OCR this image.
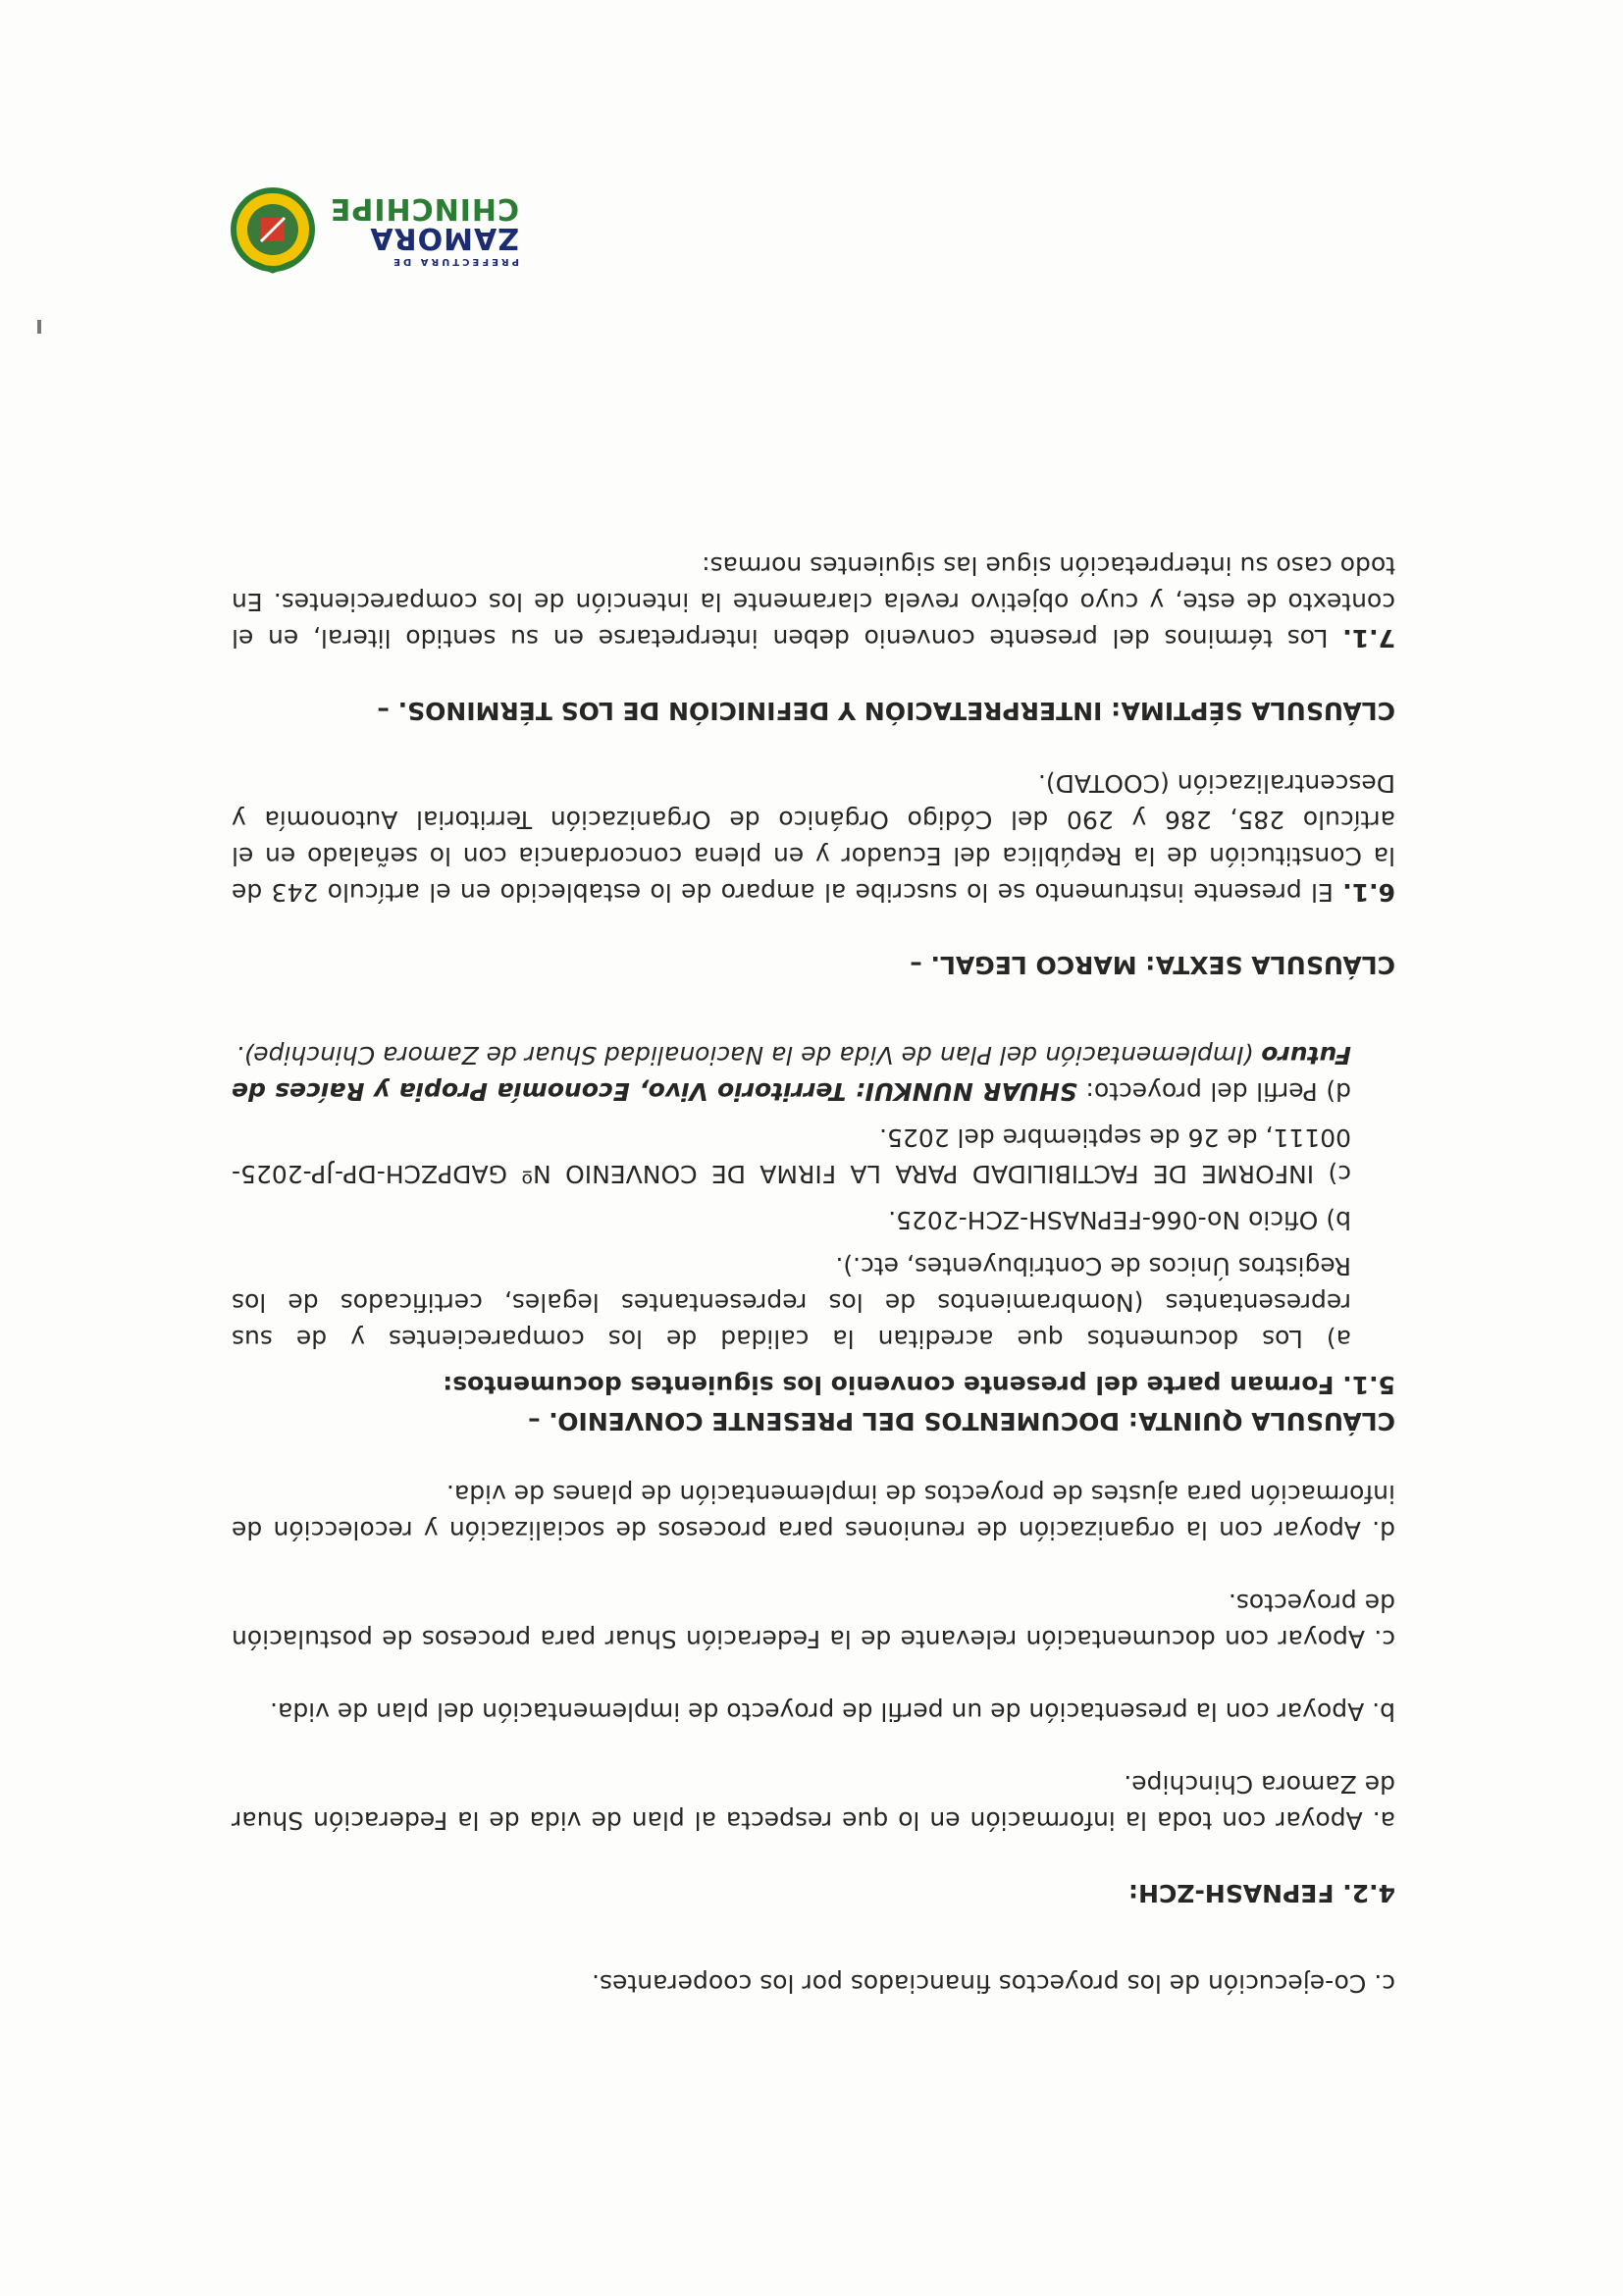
PREFECTURA DE
ZAMORA
CHINCHIPE

c. Co-ejecución de los proyectos financiados por los cooperantes.

4.2. FEPNASH-ZCH:

a. Apoyar con toda la información en lo que respecta al plan de vida de la Federación Shuar de Zamora Chinchipe.

b. Apoyar con la presentación de un perfil de proyecto de implementación del plan de vida.

c. Apoyar con documentación relevante de la Federación Shuar para procesos de postulación de proyectos.

d. Apoyar con la organización de reuniones para procesos de socialización y recolección de información para ajustes de proyectos de implementación de planes de vida.

CLÁUSULA QUINTA: DOCUMENTOS DEL PRESENTE CONVENIO. –

5.1. Forman parte del presente convenio los siguientes documentos:

a) Los documentos que acreditan la calidad de los comparecientes y de sus representantes (Nombramientos de los representantes legales, certificados de los Registros Únicos de Contribuyentes, etc.).

b) Oficio No-066-FEPNASH-ZCH-2025.

c) INFORME DE FACTIBILIDAD PARA LA FIRMA DE CONVENIO Nº GADPZCH-DP-JP-2025-00111, de 26 de septiembre del 2025.

d) Perfil del proyecto: SHUAR NUNKUI: Territorio Vivo, Economía Propia y Raíces de Futuro (Implementación del Plan de Vida de la Nacionalidad Shuar de Zamora Chinchipe).

CLÁUSULA SEXTA: MARCO LEGAL. –

6.1. El presente instrumento se lo suscribe al amparo de lo establecido en el artículo 243 de la Constitución de la República del Ecuador y en plena concordancia con lo señalado en el artículo 285, 286 y 290 del Código Orgánico de Organización Territorial Autonomía y Descentralización (COOTAD).

CLÁUSULA SÉPTIMA: INTERPRETACIÓN Y DEFINICIÓN DE LOS TÉRMINOS. –

7.1. Los términos del presente convenio deben interpretarse en su sentido literal, en el contexto de este, y cuyo objetivo revela claramente la intención de los comparecientes. En todo caso su interpretación sigue las siguientes normas:
